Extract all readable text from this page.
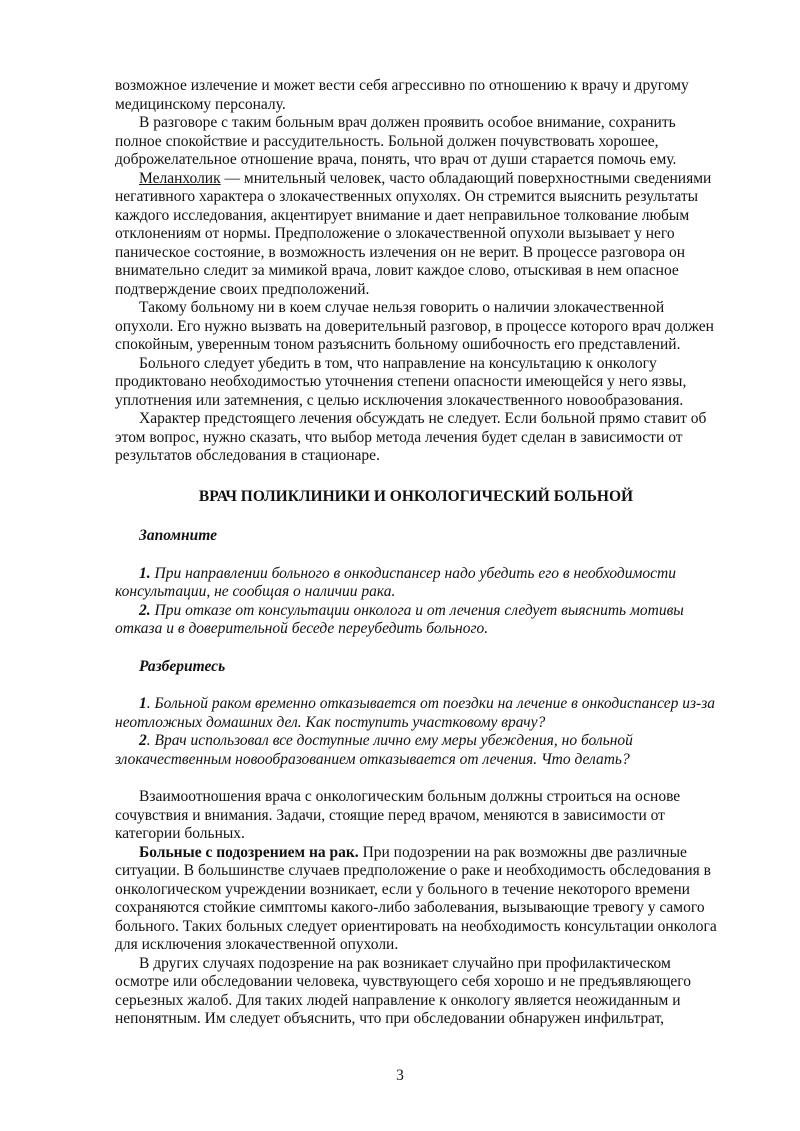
возможное излечение и может вести себя агрессивно по отношению к врачу и другому медицинскому персоналу.

В разговоре с таким больным врач должен проявить особое внимание, сохранить полное спокойствие и рассудительность. Больной должен почувствовать хорошее, доброжелательное отношение врача, понять, что врач от души старается помочь ему.

Меланхолик — мнительный человек, часто обладающий поверхностными сведениями негативного характера о злокачественных опухолях. Он стремится выяснить результаты каждого исследования, акцентирует внимание и дает неправильное толкование любым отклонениям от нормы. Предположение о злокачественной опухоли вызывает у него паническое состояние, в возможность излечения он не верит. В процессе разговора он внимательно следит за мимикой врача, ловит каждое слово, отыскивая в нем опасное подтверждение своих предположений.

Такому больному ни в коем случае нельзя говорить о наличии злокачественной опухоли. Его нужно вызвать на доверительный разговор, в процессе которого врач должен спокойным, уверенным тоном разъяснить больному ошибочность его представлений.

Больного следует убедить в том, что направление на консультацию к онкологу продиктовано необходимостью уточнения степени опасности имеющейся у него язвы, уплотнения или затемнения, с целью исключения злокачественного новообразования.

Характер предстоящего лечения обсуждать не следует. Если больной прямо ставит об этом вопрос, нужно сказать, что выбор метода лечения будет сделан в зависимости от результатов обследования в стационаре.

ВРАЧ ПОЛИКЛИНИКИ И ОНКОЛОГИЧЕСКИЙ БОЛЬНОЙ

Запомните

1. При направлении больного в онкодиспансер надо убедить его в необходимости консультации, не сообщая о наличии рака.

2. При отказе от консультации онколога и от лечения следует выяснить мотивы отказа и в доверительной беседе переубедить больного.

Разберитесь

1. Больной раком временно отказывается от поездки на лечение в онкодиспансер из-за неотложных домашних дел. Как поступить участковому врачу?

2. Врач использовал все доступные лично ему меры убеждения, но больной злокачественным новообразованием отказывается от лечения. Что делать?

Взаимоотношения врача с онкологическим больным должны строиться на основе сочувствия и внимания. Задачи, стоящие перед врачом, меняются в зависимости от категории больных.

Больные с подозрением на рак. При подозрении на рак возможны две различные ситуации. В большинстве случаев предположение о раке и необходимость обследования в онкологическом учреждении возникает, если у больного в течение некоторого времени сохраняются стойкие симптомы какого-либо заболевания, вызывающие тревогу у самого больного. Таких больных следует ориентировать на необходимость консультации онколога для исключения злокачественной опухоли.

В других случаях подозрение на рак возникает случайно при профилактическом осмотре или обследовании человека, чувствующего себя хорошо и не предъявляющего серьезных жалоб. Для таких людей направление к онкологу является неожиданным и непонятным. Им следует объяснить, что при обследовании обнаружен инфильтрат,

3
